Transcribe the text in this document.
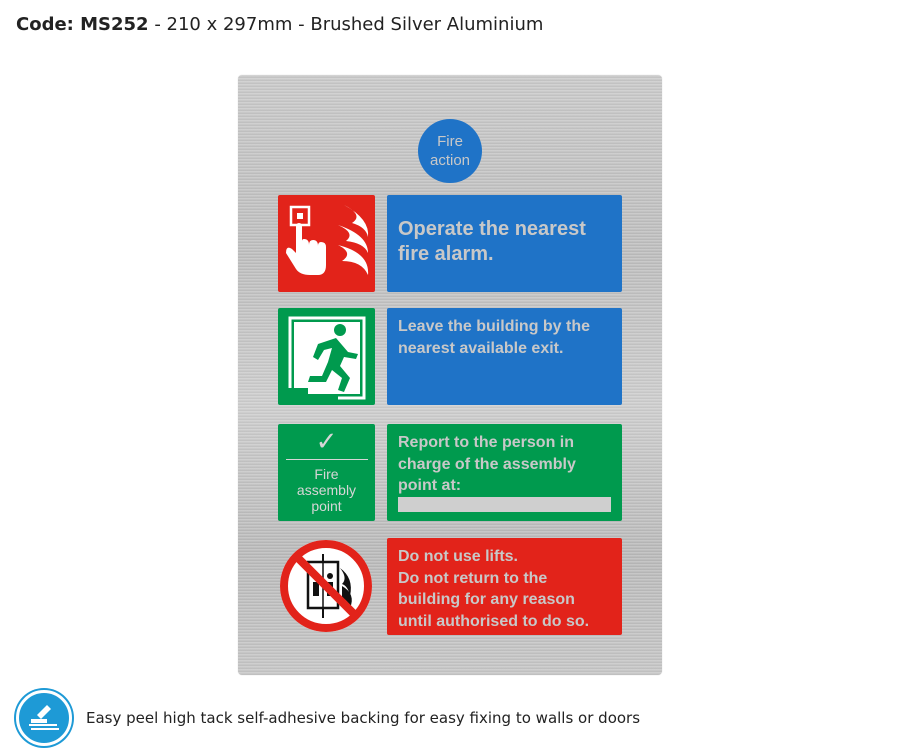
Code: MS252 - 210 x 297mm - Brushed Silver Aluminium
Fire
action
Operate the nearest fire alarm.
Leave the building by the nearest available exit.
✓
Fire
assembly
point
Report to the person in charge of the assembly point at:
Do not use lifts.
Do not return to the building for any reason until authorised to do so.
Easy peel high tack self-adhesive backing for easy fixing to walls or doors
